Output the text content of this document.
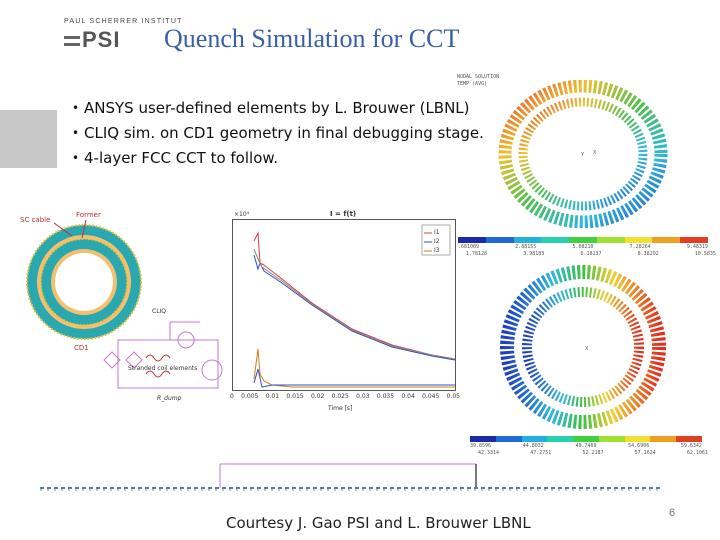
PAUL SCHERRER INSTITUT
PSI Quench Simulation for CCT
• ANSYS user-defined elements by L. Brouwer (LBNL)
• CLIQ sim. on CD1 geometry in final debugging stage.
• 4-layer FCC CCT to follow.
NODAL SOLUTION
TEMP (AVG)
Y X
.681009	2.88155	5.08210	7.28264	9.48319
1.78128	3.98183	6.18237	8.38292	10.5835
X
39.8596	44.8032	49.7469	54.6906	59.6342
42.3314	47.2751	52.2187	57.1624	62.1061
SC cable
Former
CD1
CLIQ
Stranded coil elements
R_dump
×10⁴	I = f(t)
I1
I2
I3
0 0.005 0.01 0.015 0.02 0.025 0.03 0.035 0.04 0.045 0.05
Time [s]
Courtesy J. Gao PSI and L. Brouwer LBNL
6
